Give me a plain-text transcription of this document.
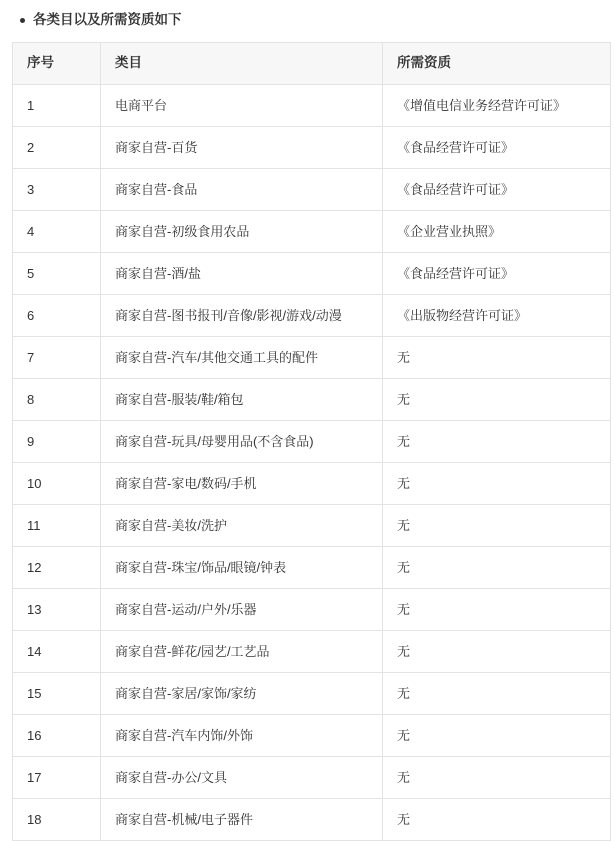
各类目以及所需资质如下
序号	类目	所需资质
1	电商平台	《增值电信业务经营许可证》
2	商家自营-百货	《食品经营许可证》
3	商家自营-食品	《食品经营许可证》
4	商家自营-初级食用农品	《企业营业执照》
5	商家自营-酒/盐	《食品经营许可证》
6	商家自营-图书报刊/音像/影视/游戏/动漫	《出版物经营许可证》
7	商家自营-汽车/其他交通工具的配件	无
8	商家自营-服装/鞋/箱包	无
9	商家自营-玩具/母婴用品(不含食品)	无
10	商家自营-家电/数码/手机	无
11	商家自营-美妆/洗护	无
12	商家自营-珠宝/饰品/眼镜/钟表	无
13	商家自营-运动/户外/乐器	无
14	商家自营-鲜花/园艺/工艺品	无
15	商家自营-家居/家饰/家纺	无
16	商家自营-汽车内饰/外饰	无
17	商家自营-办公/文具	无
18	商家自营-机械/电子器件	无
